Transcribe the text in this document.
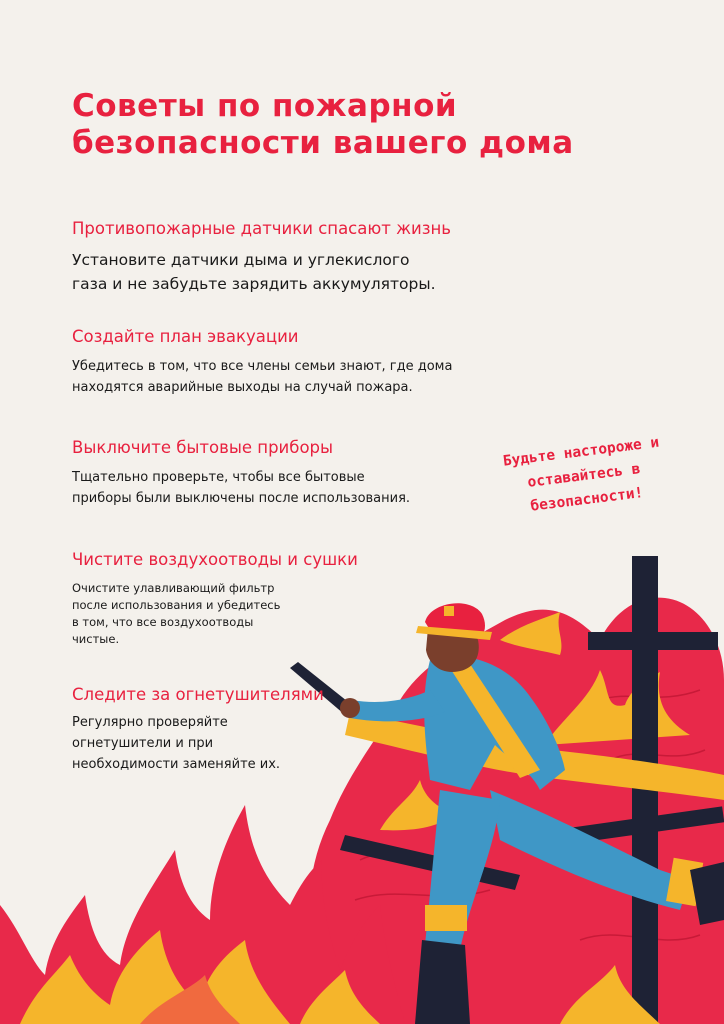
Советы по пожарной
безопасности вашего дома
Противопожарные датчики спасают жизнь

Установите датчики дыма и углекислого
газа и не забудьте зарядить аккумуляторы.

Создайте план эвакуации

Убедитесь в том, что все члены семьи знают, где дома
находятся аварийные выходы на случай пожара.

Выключите бытовые приборы

Тщательно проверьте, чтобы все бытовые
приборы были выключены после использования.

Чистите воздухоотводы и сушки

Очистите улавливающий фильтр
после использования и убедитесь
в том, что все воздухоотводы
чистые.

Следите за огнетушителями

Регулярно проверяйте
огнетушители и при
необходимости заменяйте их.

Будьте настороже и
оставайтесь в
безопасности!
